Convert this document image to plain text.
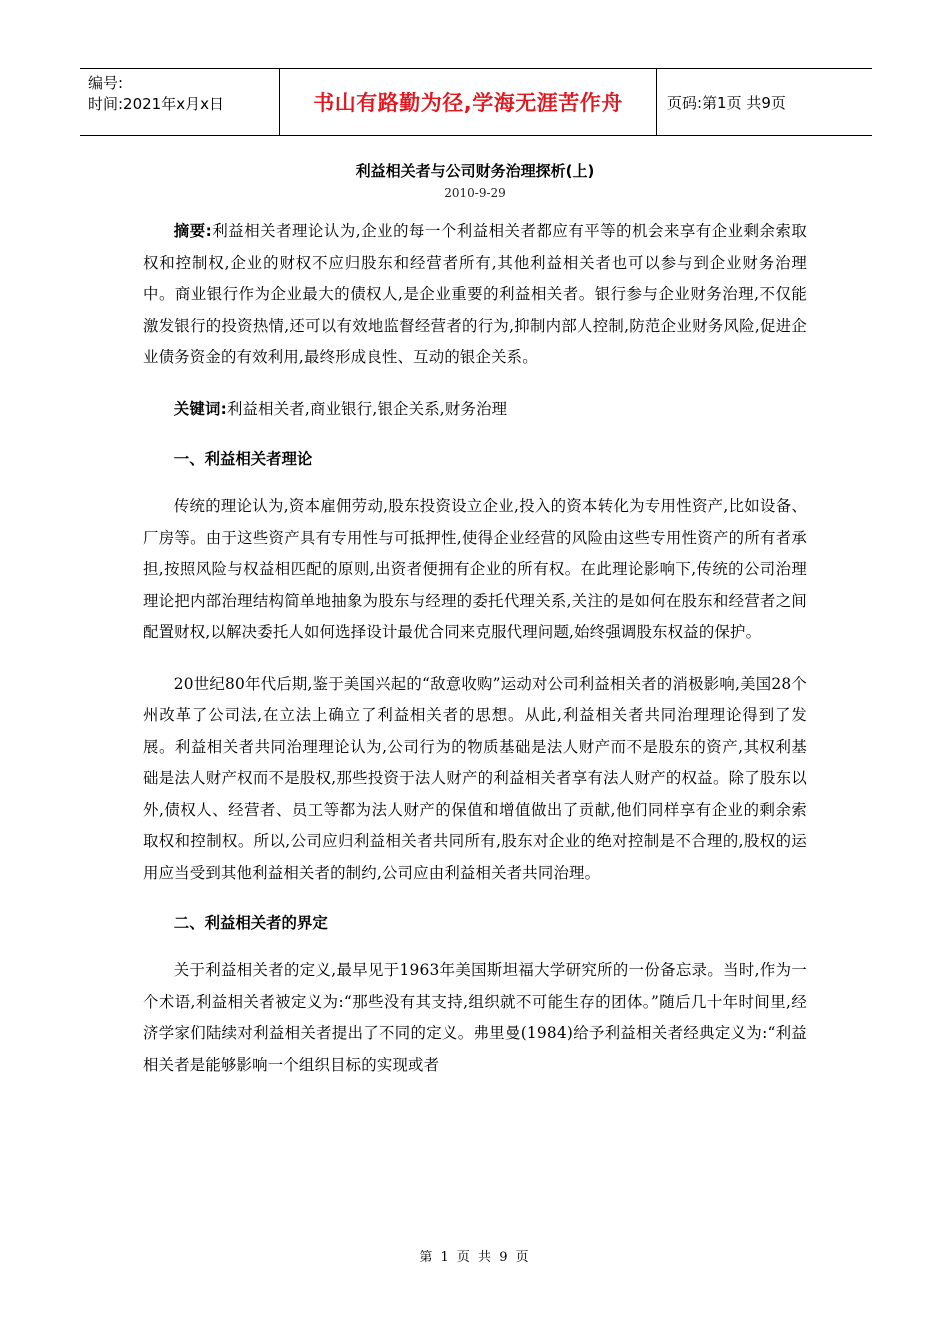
编号:
时间:2021年x月x日	书山有路勤为径,学海无涯苦作舟	页码:第1页 共9页
利益相关者与公司财务治理探析(上)
2010-9-29

摘要:利益相关者理论认为,企业的每一个利益相关者都应有平等的机会来享有企业剩余索取权和控制权,企业的财权不应归股东和经营者所有,其他利益相关者也可以参与到企业财务治理中。商业银行作为企业最大的债权人,是企业重要的利益相关者。银行参与企业财务治理,不仅能激发银行的投资热情,还可以有效地监督经营者的行为,抑制内部人控制,防范企业财务风险,促进企业债务资金的有效利用,最终形成良性、互动的银企关系。

关键词:利益相关者,商业银行,银企关系,财务治理

一、利益相关者理论

传统的理论认为,资本雇佣劳动,股东投资设立企业,投入的资本转化为专用性资产,比如设备、厂房等。由于这些资产具有专用性与可抵押性,使得企业经营的风险由这些专用性资产的所有者承担,按照风险与权益相匹配的原则,出资者便拥有企业的所有权。在此理论影响下,传统的公司治理理论把内部治理结构简单地抽象为股东与经理的委托代理关系,关注的是如何在股东和经营者之间配置财权,以解决委托人如何选择设计最优合同来克服代理问题,始终强调股东权益的保护。

20世纪80年代后期,鉴于美国兴起的“敌意收购”运动对公司利益相关者的消极影响,美国28个州改革了公司法,在立法上确立了利益相关者的思想。从此,利益相关者共同治理理论得到了发展。利益相关者共同治理理论认为,公司行为的物质基础是法人财产而不是股东的资产,其权利基础是法人财产权而不是股权,那些投资于法人财产的利益相关者享有法人财产的权益。除了股东以外,债权人、经营者、员工等都为法人财产的保值和增值做出了贡献,他们同样享有企业的剩余索取权和控制权。所以,公司应归利益相关者共同所有,股东对企业的绝对控制是不合理的,股权的运用应当受到其他利益相关者的制约,公司应由利益相关者共同治理。

二、利益相关者的界定

关于利益相关者的定义,最早见于1963年美国斯坦福大学研究所的一份备忘录。当时,作为一个术语,利益相关者被定义为:“那些没有其支持,组织就不可能生存的团体。”随后几十年时间里,经济学家们陆续对利益相关者提出了不同的定义。弗里曼(1984)给予利益相关者经典定义为:“利益相关者是能够影响一个组织目标的实现或者

第 1 页 共 9 页
